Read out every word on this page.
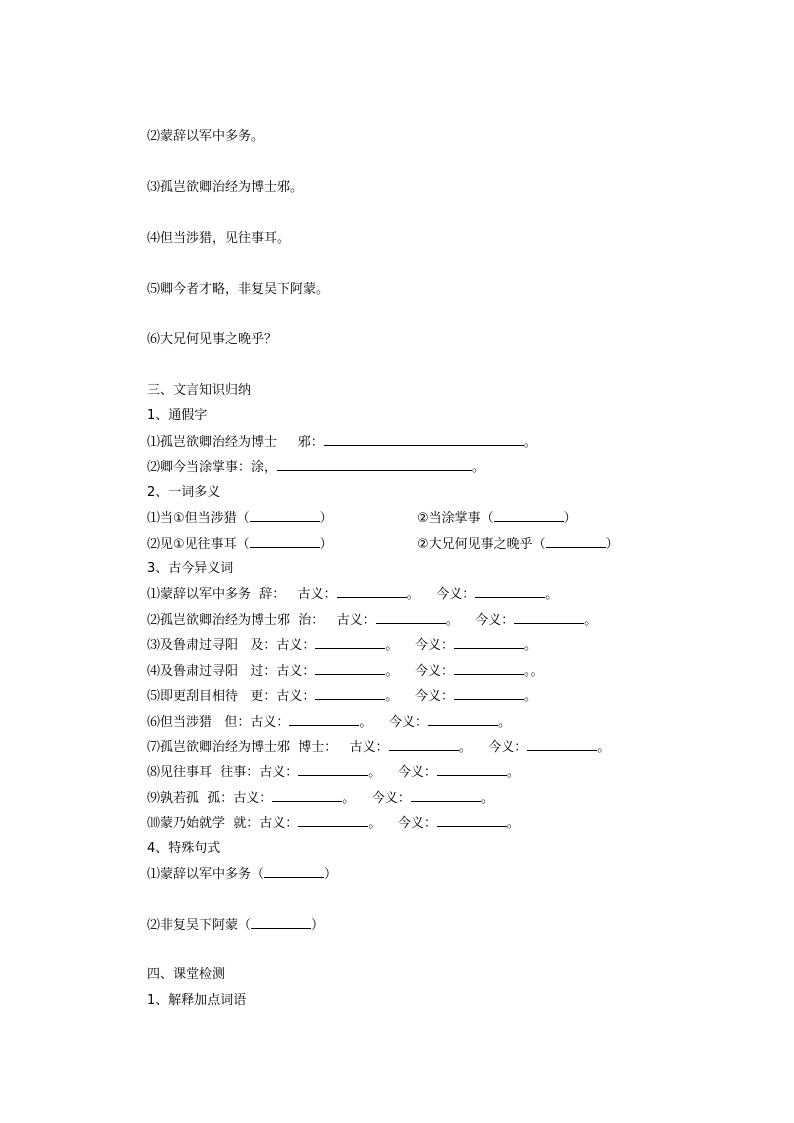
⑵蒙辞以军中多务。
⑶孤岂欲卿治经为博士邪。
⑷但当涉猎，见往事耳。
⑸卿今者才略，非复吴下阿蒙。
⑹大兄何见事之晚乎？
三、文言知识归纳
1、通假字
⑴孤岂欲卿治经为博士 邪：	。
⑵卿今当涂掌事：涂，	。
2、一词多义
⑴当①但当涉猎（	）	②当涂掌事（	）
⑵见①见往事耳（	）	②大兄何见事之晚乎（	）
3、古今异义词
⑴蒙辞以军中多务  辞： 古义：	。 今义：	。
⑵孤岂欲卿治经为博士邪  治： 古义：	。 今义：	。
⑶及鲁肃过寻阳   及：古义：	。 今义：	。
⑷及鲁肃过寻阳   过：古义：	。 今义：	。。
⑸即更刮目相待   更：古义：	。 今义：	。
⑹但当涉猎   但：古义：	。 今义：	。
⑺孤岂欲卿治经为博士邪  博士： 古义：	。 今义：	。
⑻见往事耳  往事：古义：	。 今义：	。
⑼孰若孤  孤：古义：	。 今义：	。
⑽蒙乃始就学  就：古义：	。 今义：	。
4、特殊句式
⑴蒙辞以军中多务（	）
⑵非复吴下阿蒙（	）
四、课堂检测
1、解释加点词语
